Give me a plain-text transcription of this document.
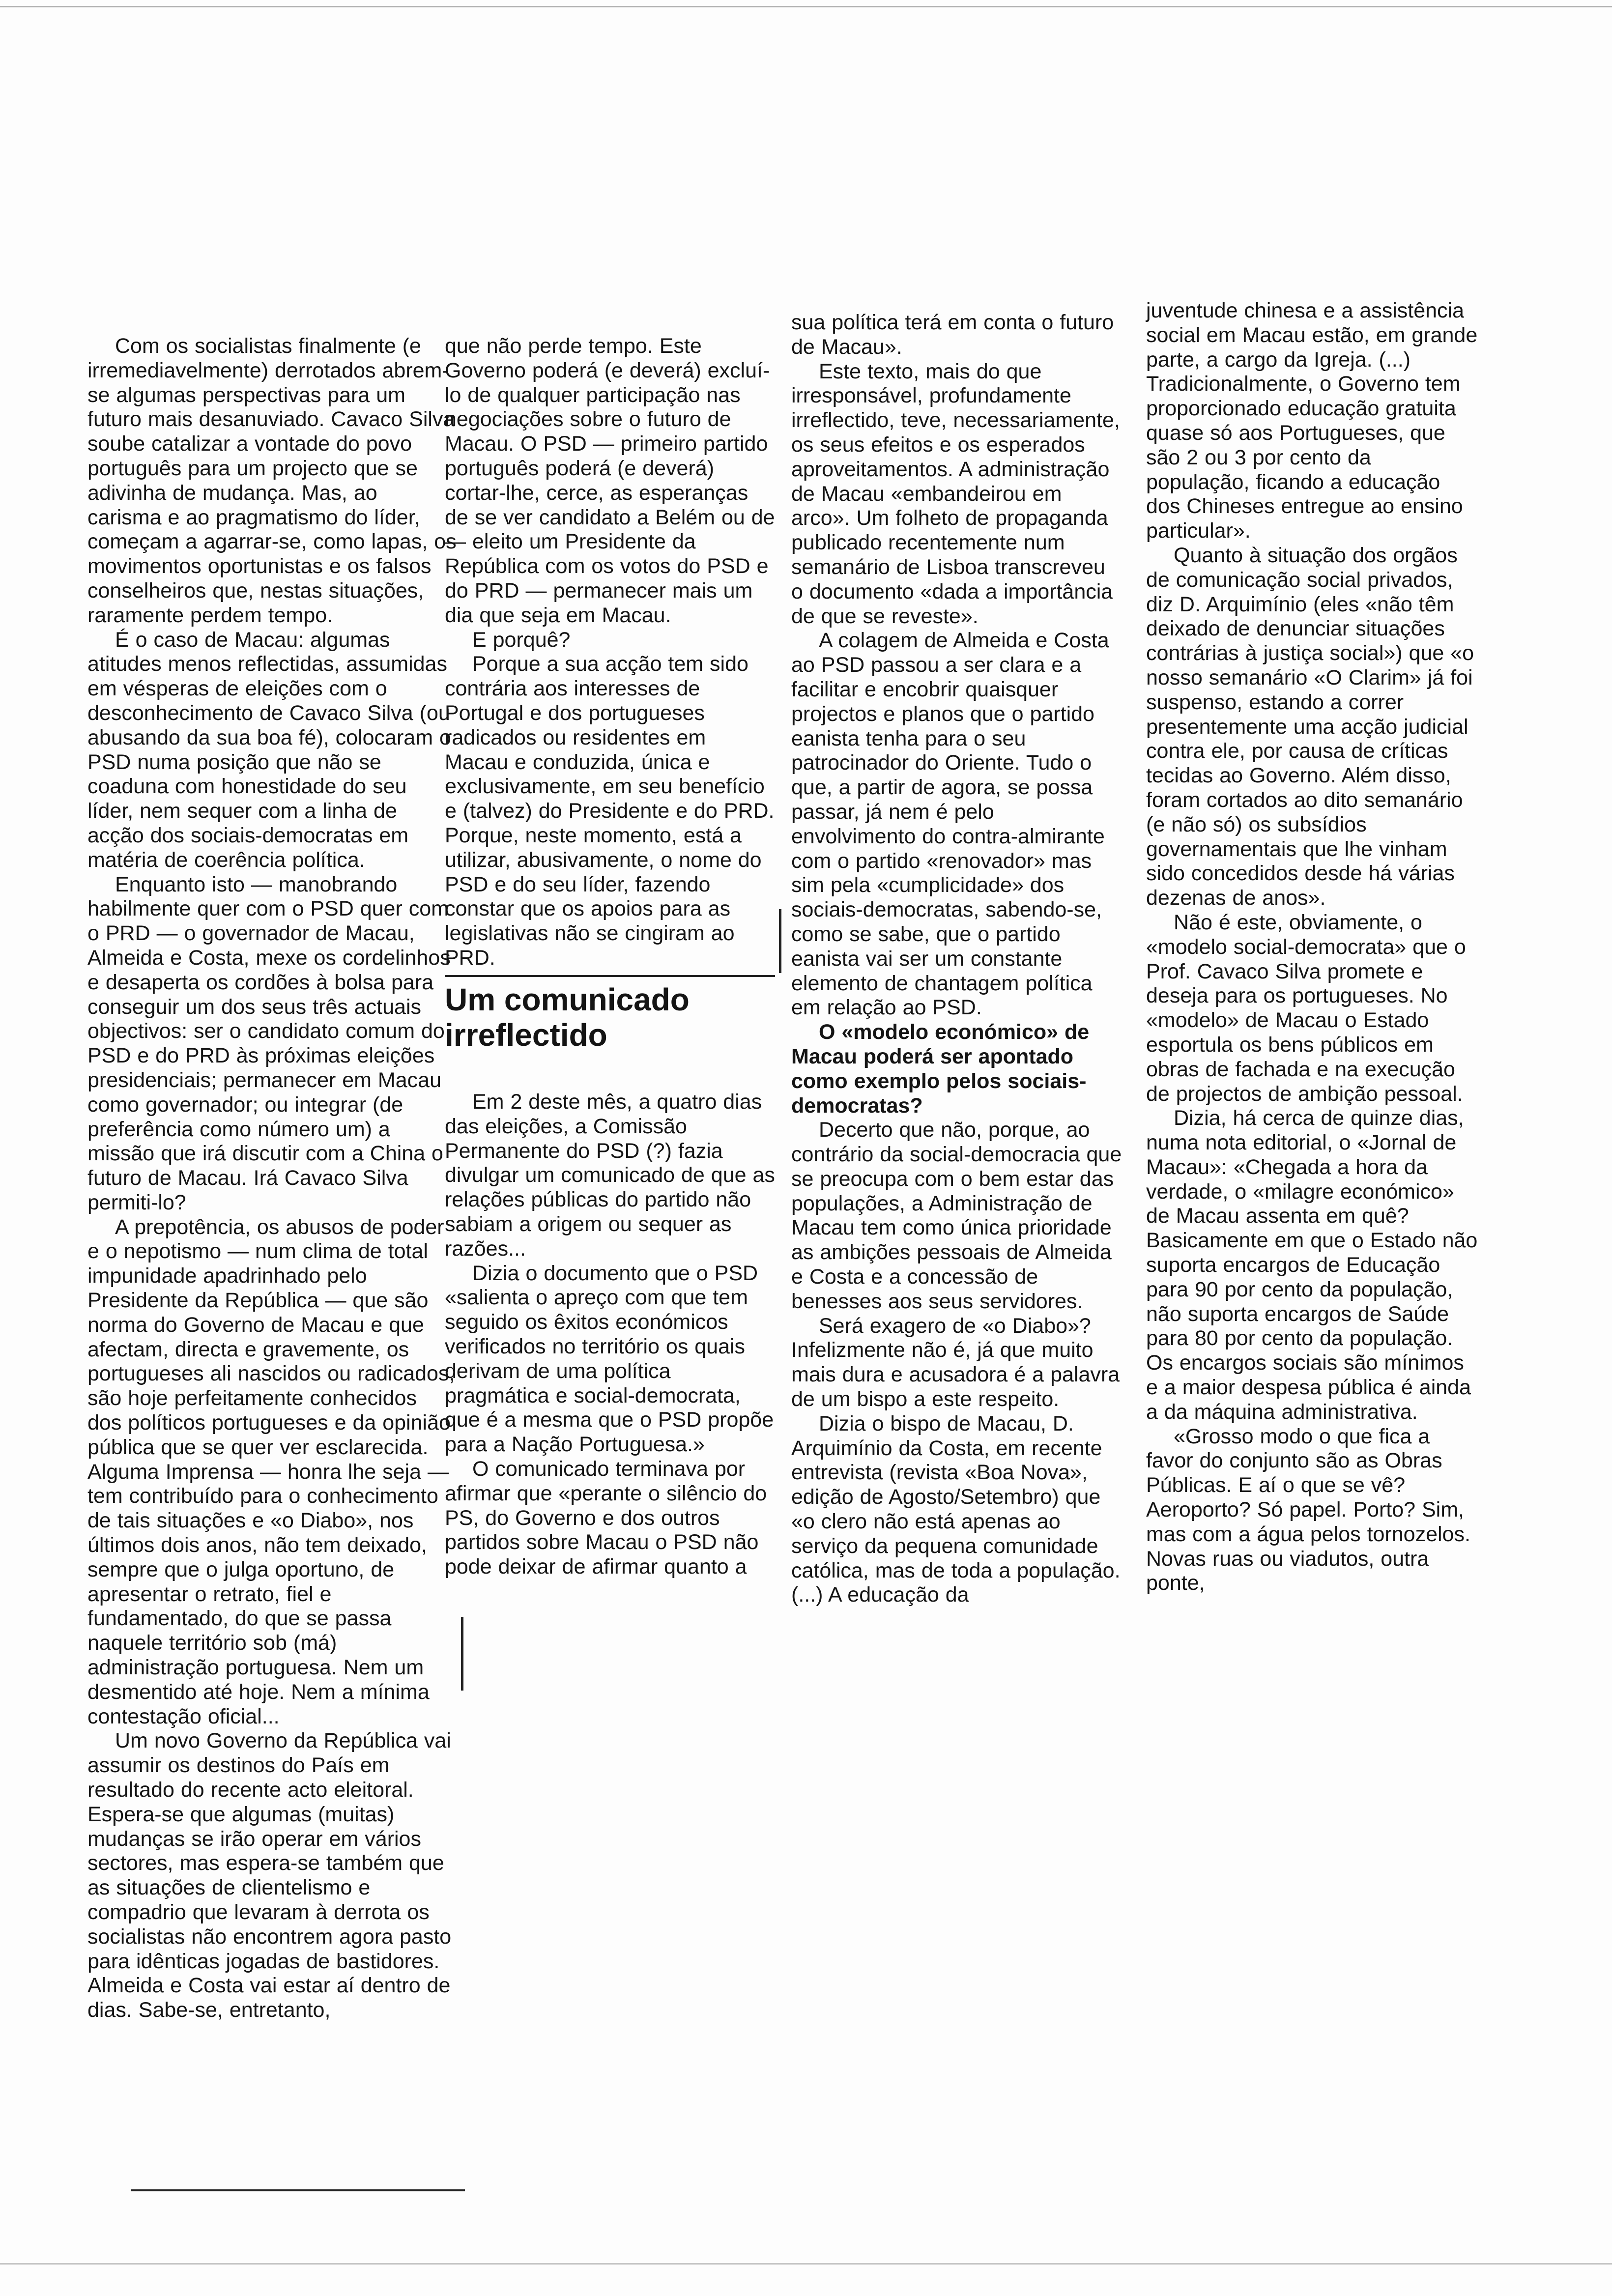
Com os socialistas finalmente (e irremediavelmente) derrotados abrem-se algumas perspectivas para um futuro mais desanuviado. Cavaco Silva soube catalizar a vontade do povo português para um projecto que se adivinha de mudança. Mas, ao carisma e ao pragmatismo do líder, começam a agarrar-se, como lapas, os movimentos oportunistas e os falsos conselheiros que, nestas situações, raramente perdem tempo.

É o caso de Macau: algumas atitudes menos reflectidas, assumidas em vésperas de eleições com o desconhecimento de Cavaco Silva (ou abusando da sua boa fé), colocaram o PSD numa posição que não se coaduna com honestidade do seu líder, nem sequer com a linha de acção dos sociais-democratas em matéria de coerência política.

Enquanto isto — manobrando habilmente quer com o PSD quer com o PRD — o governador de Macau, Almeida e Costa, mexe os cordelinhos e desaperta os cordões à bolsa para conseguir um dos seus três actuais objectivos: ser o candidato comum do PSD e do PRD às próximas eleições presidenciais; permanecer em Macau como governador; ou integrar (de preferência como número um) a missão que irá discutir com a China o futuro de Macau. Irá Cavaco Silva permiti-lo?

A prepotência, os abusos de poder e o nepotismo — num clima de total impunidade apadrinhado pelo Presidente da República — que são norma do Governo de Macau e que afectam, directa e gravemente, os portugueses ali nascidos ou radicados, são hoje perfeitamente conhecidos dos políticos portugueses e da opinião pública que se quer ver esclarecida. Alguma Imprensa — honra lhe seja — tem contribuído para o conhecimento de tais situações e «o Diabo», nos últimos dois anos, não tem deixado, sempre que o julga oportuno, de apresentar o retrato, fiel e fundamentado, do que se passa naquele território sob (má) administração portuguesa. Nem um desmentido até hoje. Nem a mínima contestação oficial...

Um novo Governo da República vai assumir os destinos do País em resultado do recente acto eleitoral. Espera-se que algumas (muitas) mudanças se irão operar em vários sectores, mas espera-se também que as situações de clientelismo e compadrio que levaram à derrota os socialistas não encontrem agora pasto para idênticas jogadas de bastidores. Almeida e Costa vai estar aí dentro de dias. Sabe-se, entretanto,

que não perde tempo. Este Governo poderá (e deverá) excluí-lo de qualquer participação nas negociações sobre o futuro de Macau. O PSD — primeiro partido português poderá (e deverá) cortar-lhe, cerce, as esperanças de se ver candidato a Belém ou de — eleito um Presidente da República com os votos do PSD e do PRD — permanecer mais um dia que seja em Macau.

E porquê?

Porque a sua acção tem sido contrária aos interesses de Portugal e dos portugueses radicados ou residentes em Macau e conduzida, única e exclusivamente, em seu benefício e (talvez) do Presidente e do PRD. Porque, neste momento, está a utilizar, abusivamente, o nome do PSD e do seu líder, fazendo constar que os apoios para as legislativas não se cingiram ao PRD.

Um comunicado irreflectido

Em 2 deste mês, a quatro dias das eleições, a Comissão Permanente do PSD (?) fazia divulgar um comunicado de que as relações públicas do partido não sabiam a origem ou sequer as razões...

Dizia o documento que o PSD «salienta o apreço com que tem seguido os êxitos económicos verificados no território os quais derivam de uma política pragmática e social-democrata, que é a mesma que o PSD propõe para a Nação Portuguesa.»

O comunicado terminava por afirmar que «perante o silêncio do PS, do Governo e dos outros partidos sobre Macau o PSD não pode deixar de afirmar quanto a

sua política terá em conta o futuro de Macau».

Este texto, mais do que irresponsável, profundamente irreflectido, teve, necessariamente, os seus efeitos e os esperados aproveitamentos. A administração de Macau «embandeirou em arco». Um folheto de propaganda publicado recentemente num semanário de Lisboa transcreveu o documento «dada a importância de que se reveste».

A colagem de Almeida e Costa ao PSD passou a ser clara e a facilitar e encobrir quaisquer projectos e planos que o partido eanista tenha para o seu patrocinador do Oriente. Tudo o que, a partir de agora, se possa passar, já nem é pelo envolvimento do contra-almirante com o partido «renovador» mas sim pela «cumplicidade» dos sociais-democratas, sabendo-se, como se sabe, que o partido eanista vai ser um constante elemento de chantagem política em relação ao PSD.

O «modelo económico» de Macau poderá ser apontado como exemplo pelos sociais-democratas?

Decerto que não, porque, ao contrário da social-democracia que se preocupa com o bem estar das populações, a Administração de Macau tem como única prioridade as ambições pessoais de Almeida e Costa e a concessão de benesses aos seus servidores.

Será exagero de «o Diabo»? Infelizmente não é, já que muito mais dura e acusadora é a palavra de um bispo a este respeito.

Dizia o bispo de Macau, D. Arquimínio da Costa, em recente entrevista (revista «Boa Nova», edição de Agosto/Setembro) que «o clero não está apenas ao serviço da pequena comunidade católica, mas de toda a população. (...) A educação da

juventude chinesa e a assistência social em Macau estão, em grande parte, a cargo da Igreja. (...) Tradicionalmente, o Governo tem proporcionado educação gratuita quase só aos Portugueses, que são 2 ou 3 por cento da população, ficando a educação dos Chineses entregue ao ensino particular».

Quanto à situação dos orgãos de comunicação social privados, diz D. Arquimínio (eles «não têm deixado de denunciar situações contrárias à justiça social») que «o nosso semanário «O Clarim» já foi suspenso, estando a correr presentemente uma acção judicial contra ele, por causa de críticas tecidas ao Governo. Além disso, foram cortados ao dito semanário (e não só) os subsídios governamentais que lhe vinham sido concedidos desde há várias dezenas de anos».

Não é este, obviamente, o «modelo social-democrata» que o Prof. Cavaco Silva promete e deseja para os portugueses. No «modelo» de Macau o Estado esportula os bens públicos em obras de fachada e na execução de projectos de ambição pessoal.

Dizia, há cerca de quinze dias, numa nota editorial, o «Jornal de Macau»: «Chegada a hora da verdade, o «milagre económico» de Macau assenta em quê? Basicamente em que o Estado não suporta encargos de Educação para 90 por cento da população, não suporta encargos de Saúde para 80 por cento da população. Os encargos sociais são mínimos e a maior despesa pública é ainda a da máquina administrativa.

«Grosso modo o que fica a favor do conjunto são as Obras Públicas. E aí o que se vê? Aeroporto? Só papel. Porto? Sim, mas com a água pelos tornozelos. Novas ruas ou viadutos, outra ponte,
